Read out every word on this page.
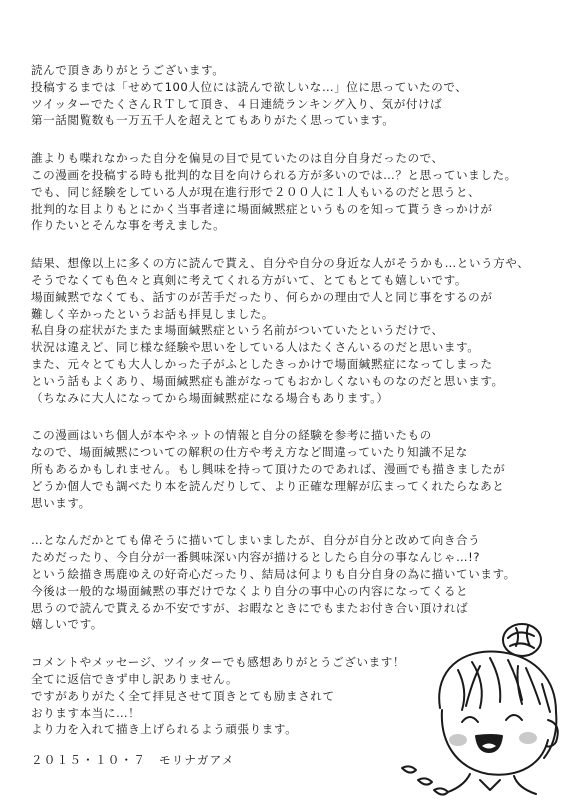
読んで頂きありがとうございます。
投稿するまでは「せめて100人位には読んで欲しいな…」位に思っていたので、
ツイッターでたくさんＲＴして頂き、４日連続ランキング入り、気が付けば
第一話閲覧数も一万五千人を超えとてもありがたく思っています。
誰よりも喋れなかった自分を偏見の目で見ていたのは自分自身だったので、
この漫画を投稿する時も批判的な目を向けられる方が多いのでは…？と思っていました。
でも、同じ経験をしている人が現在進行形で２００人に１人もいるのだと思うと、
批判的な目よりもとにかく当事者達に場面緘黙症というものを知って貰うきっかけが
作りたいとそんな事を考えました。
結果、想像以上に多くの方に読んで貰え、自分や自分の身近な人がそうかも…という方や、
そうでなくても色々と真剣に考えてくれる方がいて、とてもとても嬉しいです。
場面緘黙でなくても、話すのが苦手だったり、何らかの理由で人と同じ事をするのが
難しく辛かったというお話も拝見しました。
私自身の症状がたまたま場面緘黙症という名前がついていたというだけで、
状況は違えど、同じ様な経験や思いをしている人はたくさんいるのだと思います。
また、元々とても大人しかった子がふとしたきっかけで場面緘黙症になってしまった
という話もよくあり、場面緘黙症も誰がなってもおかしくないものなのだと思います。
（ちなみに大人になってから場面緘黙症になる場合もあります。）
この漫画はいち個人が本やネットの情報と自分の経験を参考に描いたもの
なので、場面緘黙についての解釈の仕方や考え方など間違っていたり知識不足な
所もあるかもしれません。もし興味を持って頂けたのであれば、漫画でも描きましたが
どうか個人でも調べたり本を読んだりして、より正確な理解が広まってくれたらなあと
思います。
…となんだかとても偉そうに描いてしまいましたが、自分が自分と改めて向き合う
ためだったり、今自分が一番興味深い内容が描けるとしたら自分の事なんじゃ…!?
という絵描き馬鹿ゆえの好奇心だったり、結局は何よりも自分自身の為に描いています。
今後は一般的な場面緘黙の事だけでなくより自分の事中心の内容になってくると
思うので読んで貰えるか不安ですが、お暇なときにでもまたお付き合い頂ければ
嬉しいです。
コメントやメッセージ、ツイッターでも感想ありがとうございます！
全てに返信できず申し訳ありません。
ですがありがたく全て拝見させて頂きとても励まされて
おります本当に…！
より力を入れて描き上げられるよう頑張ります。
２０１５・１０・７　モリナガアメ
